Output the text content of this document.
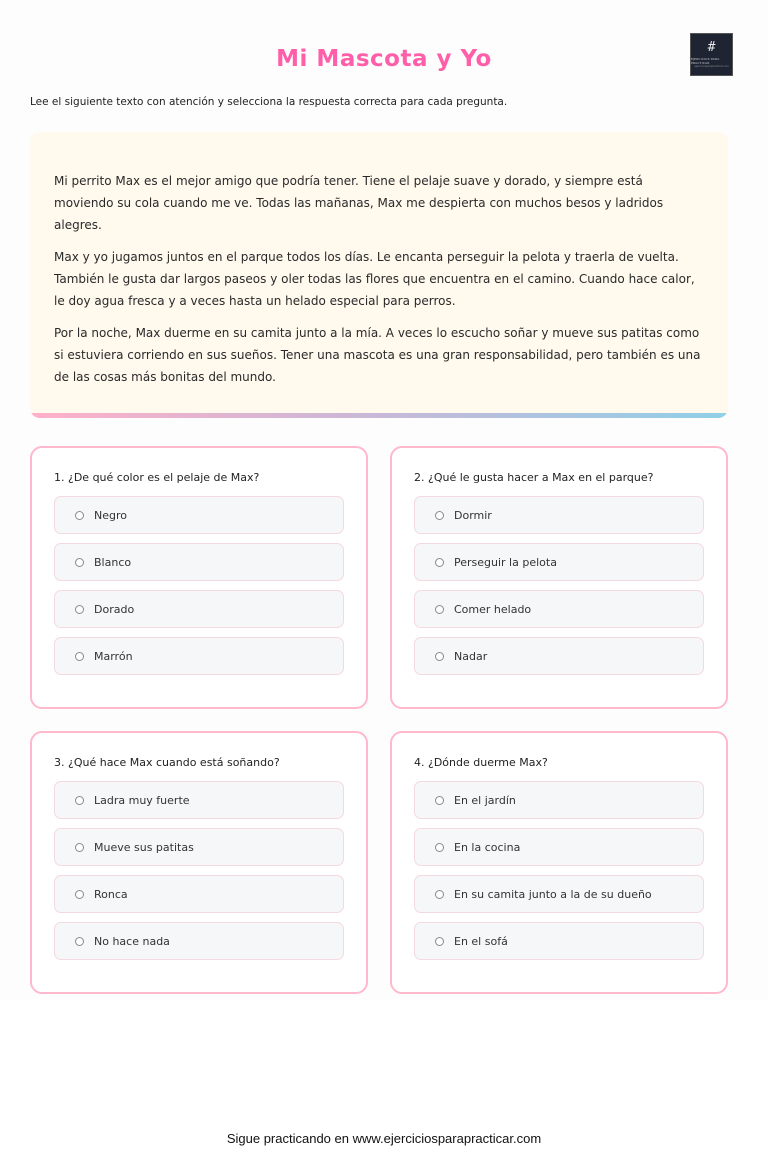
#
EJERCICIOS PARA PRACTICAR
ejerciciosparapracticar.com
Mi Mascota y Yo
Lee el siguiente texto con atención y selecciona la respuesta correcta para cada pregunta.

Mi perrito Max es el mejor amigo que podría tener. Tiene el pelaje suave y dorado, y siempre está moviendo su cola cuando me ve. Todas las mañanas, Max me despierta con muchos besos y ladridos alegres.

Max y yo jugamos juntos en el parque todos los días. Le encanta perseguir la pelota y traerla de vuelta. También le gusta dar largos paseos y oler todas las flores que encuentra en el camino. Cuando hace calor, le doy agua fresca y a veces hasta un helado especial para perros.

Por la noche, Max duerme en su camita junto a la mía. A veces lo escucho soñar y mueve sus patitas como si estuviera corriendo en sus sueños. Tener una mascota es una gran responsabilidad, pero también es una de las cosas más bonitas del mundo.

1. ¿De qué color es el pelaje de Max?
Negro
Blanco
Dorado
Marrón
2. ¿Qué le gusta hacer a Max en el parque?
Dormir
Perseguir la pelota
Comer helado
Nadar
3. ¿Qué hace Max cuando está soñando?
Ladra muy fuerte
Mueve sus patitas
Ronca
No hace nada
4. ¿Dónde duerme Max?
En el jardín
En la cocina
En su camita junto a la de su dueño
En el sofá
Sigue practicando en www.ejerciciosparapracticar.com
